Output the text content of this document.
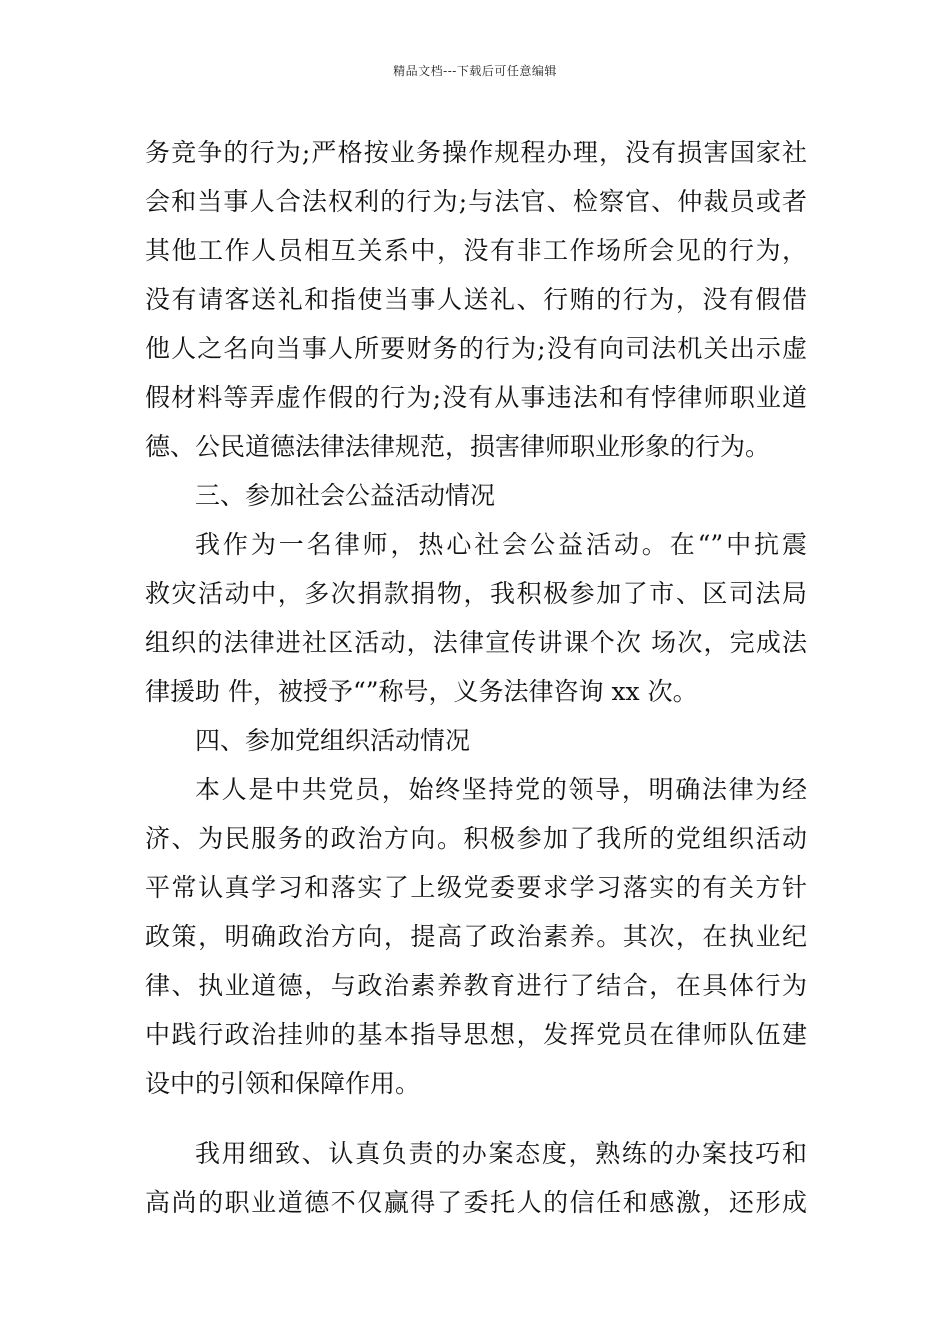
精品文档---下载后可任意编辑
务竞争的行为;严格按业务操作规程办理，没有损害国家社
会和当事人合法权利的行为;与法官、检察官、仲裁员或者
其他工作人员相互关系中，没有非工作场所会见的行为，
没有请客送礼和指使当事人送礼、行贿的行为，没有假借
他人之名向当事人所要财务的行为;没有向司法机关出示虚
假材料等弄虚作假的行为;没有从事违法和有悖律师职业道
德、公民道德法律法律规范，损害律师职业形象的行为。
三、参加社会公益活动情况
我作为一名律师，热心社会公益活动。在“”中抗震
救灾活动中，多次捐款捐物，我积极参加了市、区司法局
组织的法律进社区活动，法律宣传讲课个次 场次，完成法
律援助 件，被授予“”称号，义务法律咨询 xx 次。
四、参加党组织活动情况
本人是中共党员，始终坚持党的领导，明确法律为经
济、为民服务的政治方向。积极参加了我所的党组织活动
平常认真学习和落实了上级党委要求学习落实的有关方针
政策，明确政治方向，提高了政治素养。其次，在执业纪
律、执业道德，与政治素养教育进行了结合，在具体行为
中践行政治挂帅的基本指导思想，发挥党员在律师队伍建
设中的引领和保障作用。
我用细致、认真负责的办案态度，熟练的办案技巧和
高尚的职业道德不仅赢得了委托人的信任和感激，还形成
